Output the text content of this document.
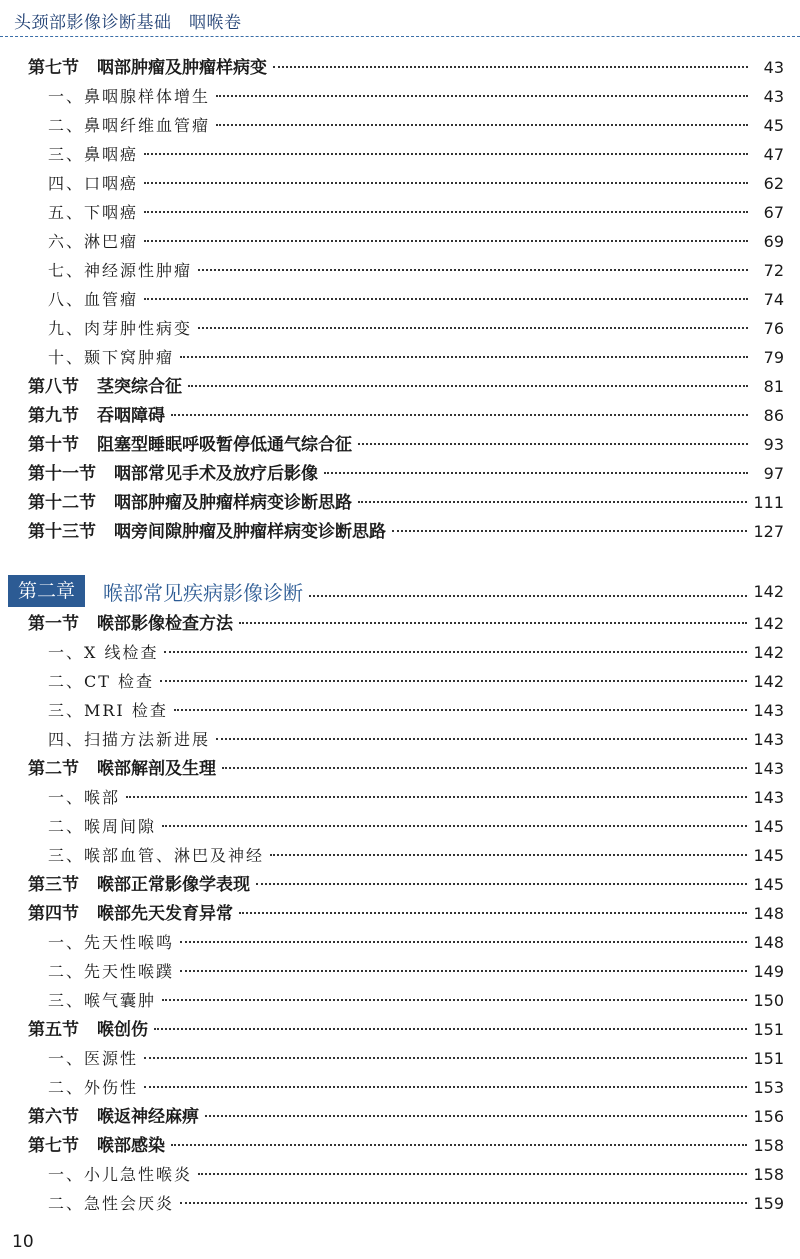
头颈部影像诊断基础　咽喉卷
第七节 咽部肿瘤及肿瘤样病变	43
一、鼻咽腺样体增生	43
二、鼻咽纤维血管瘤	45
三、鼻咽癌	47
四、口咽癌	62
五、下咽癌	67
六、淋巴瘤	69
七、神经源性肿瘤	72
八、血管瘤	74
九、肉芽肿性病变	76
十、颞下窝肿瘤	79
第八节 茎突综合征	81
第九节 吞咽障碍	86
第十节 阻塞型睡眠呼吸暂停低通气综合征	93
第十一节 咽部常见手术及放疗后影像	97
第十二节 咽部肿瘤及肿瘤样病变诊断思路	111
第十三节 咽旁间隙肿瘤及肿瘤样病变诊断思路	127
第二章	喉部常见疾病影像诊断	142
第一节 喉部影像检查方法	142
一、X 线检查	142
二、CT 检查	142
三、MRI 检查	143
四、扫描方法新进展	143
第二节 喉部解剖及生理	143
一、喉部	143
二、喉周间隙	145
三、喉部血管、淋巴及神经	145
第三节 喉部正常影像学表现	145
第四节 喉部先天发育异常	148
一、先天性喉鸣	148
二、先天性喉蹼	149
三、喉气囊肿	150
第五节 喉创伤	151
一、医源性	151
二、外伤性	153
第六节 喉返神经麻痹	156
第七节 喉部感染	158
一、小儿急性喉炎	158
二、急性会厌炎	159
10
